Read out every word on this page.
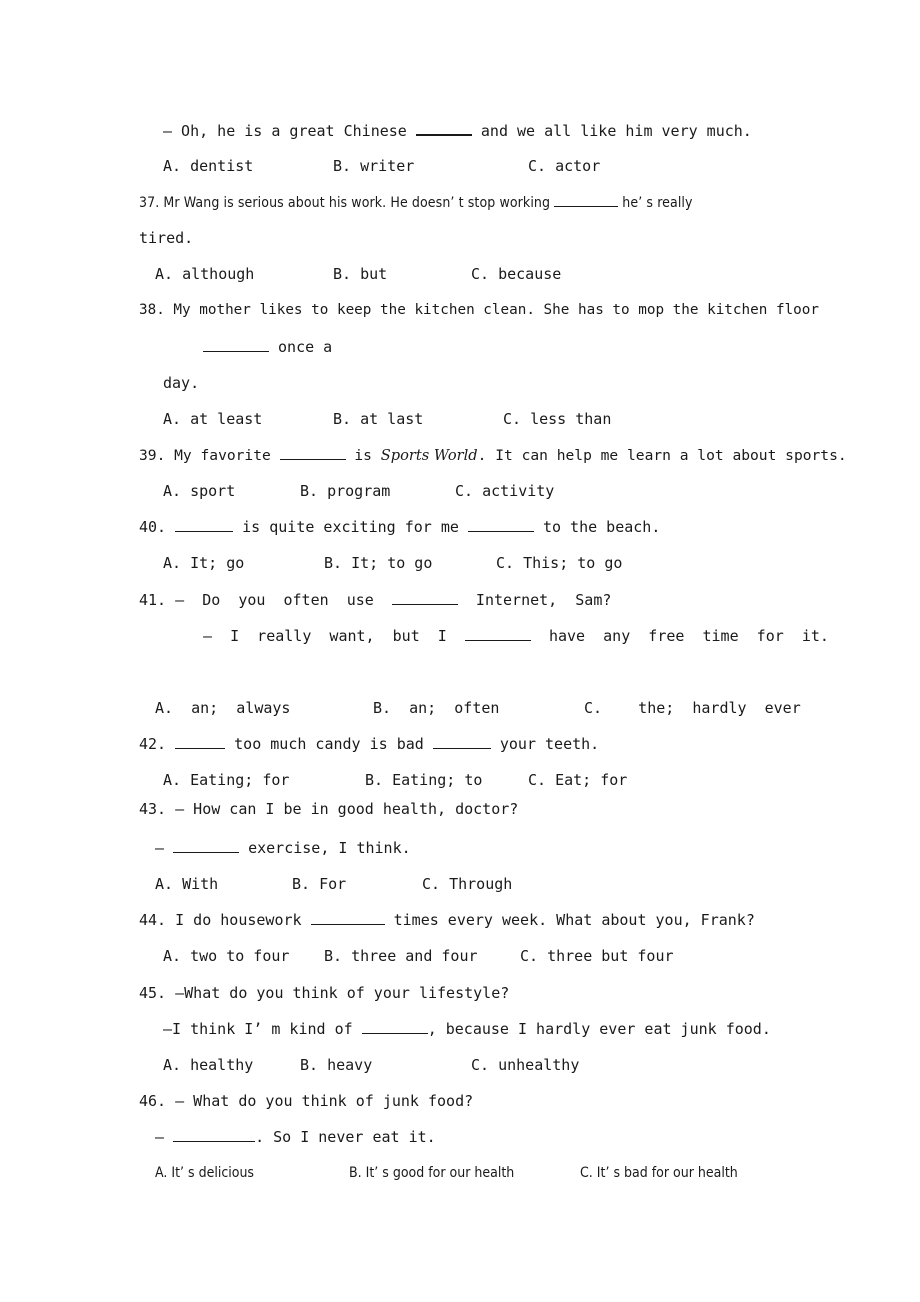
— Oh, he is a great Chinese	and we all like him very much.
A. dentist	B. writer	C. actor
37. Mr Wang is serious about his work. He doesn’ t stop working	he’ s really
tired.
A. although	B. but	C. because
38. My mother likes to keep the kitchen clean. She has to mop the kitchen floor
once a
day.
A. at least	B. at last	C. less than
39. My favorite	is Sports World. It can help me learn a lot about sports.
A. sport	B. program	C. activity
40.	is quite exciting for me	to the beach.
A. It; go	B. It; to go	C. This; to go
41. —  Do  you  often  use	Internet,  Sam?
—  I  really  want,  but  I	have  any  free  time  for  it.
A.  an;  always	B.  an;  often	C.    the;  hardly  ever
42.	too much candy is bad	your teeth.
A. Eating; for	B. Eating; to	C. Eat; for
43. — How can I be in good health, doctor?
—	exercise, I think.
A. With	B. For	C. Through
44. I do housework	times every week. What about you, Frank?
A. two to four B. three and four	C. three but four
45. —What do you think of your lifestyle?
—I think I’ m kind of	, because I hardly ever eat junk food.
A. healthy	B. heavy	C. unhealthy
46. — What do you think of junk food?
—	. So I never eat it.
A. It’ s delicious	B. It’ s good for our health	C. It’ s bad for our health
